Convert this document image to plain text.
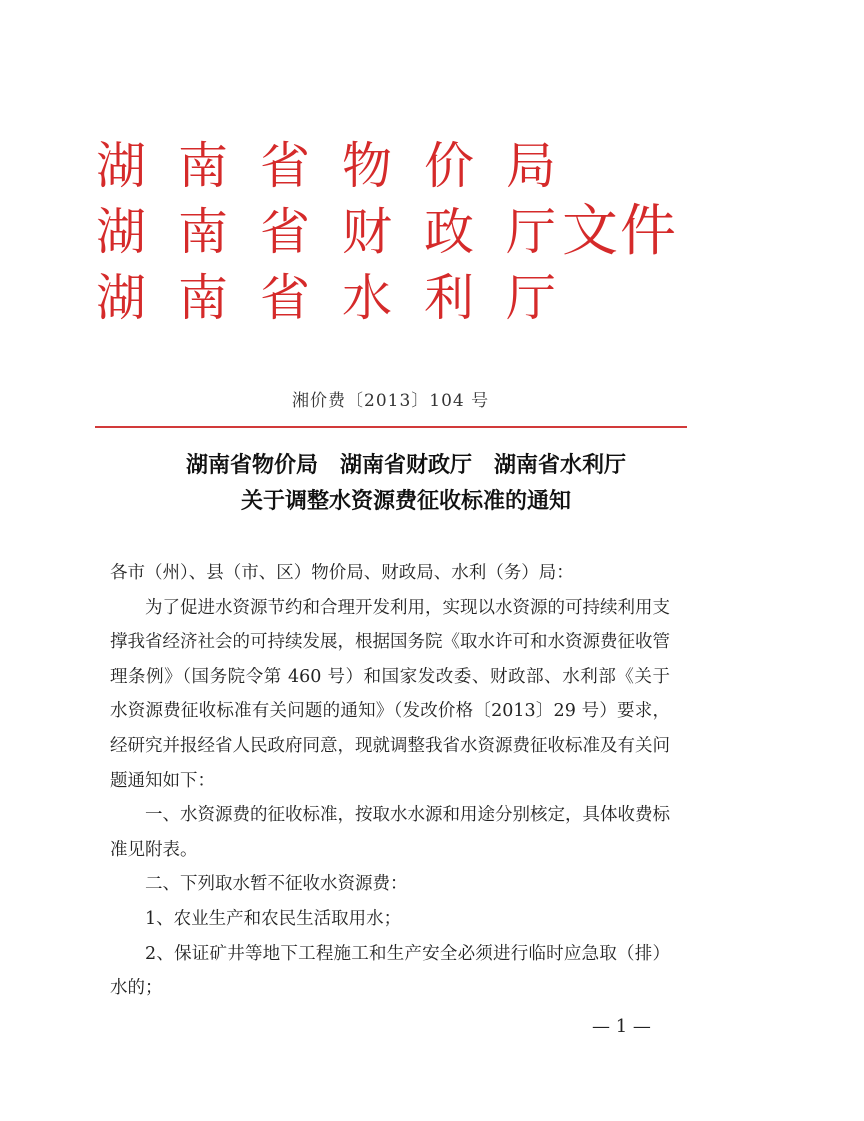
湖 南 省 物 价 局
湖 南 省 财 政 厅
湖 南 省 水 利 厅
文件
湘价费〔2013〕104 号
湖南省物价局　湖南省财政厅　湖南省水利厅
关于调整水资源费征收标准的通知

各市（州）、县（市、区）物价局、财政局、水利（务）局：

为了促进水资源节约和合理开发利用，实现以水资源的可持续利用支撑我省经济社会的可持续发展，根据国务院《取水许可和水资源费征收管理条例》（国务院令第 460 号）和国家发改委、财政部、水利部《关于水资源费征收标准有关问题的通知》（发改价格〔2013〕29 号）要求，经研究并报经省人民政府同意，现就调整我省水资源费征收标准及有关问题通知如下：

一、水资源费的征收标准，按取水水源和用途分别核定，具体收费标准见附表。

二、下列取水暂不征收水资源费：

1、农业生产和农民生活取用水；

2、保证矿井等地下工程施工和生产安全必须进行临时应急取（排）水的；

— 1 —
